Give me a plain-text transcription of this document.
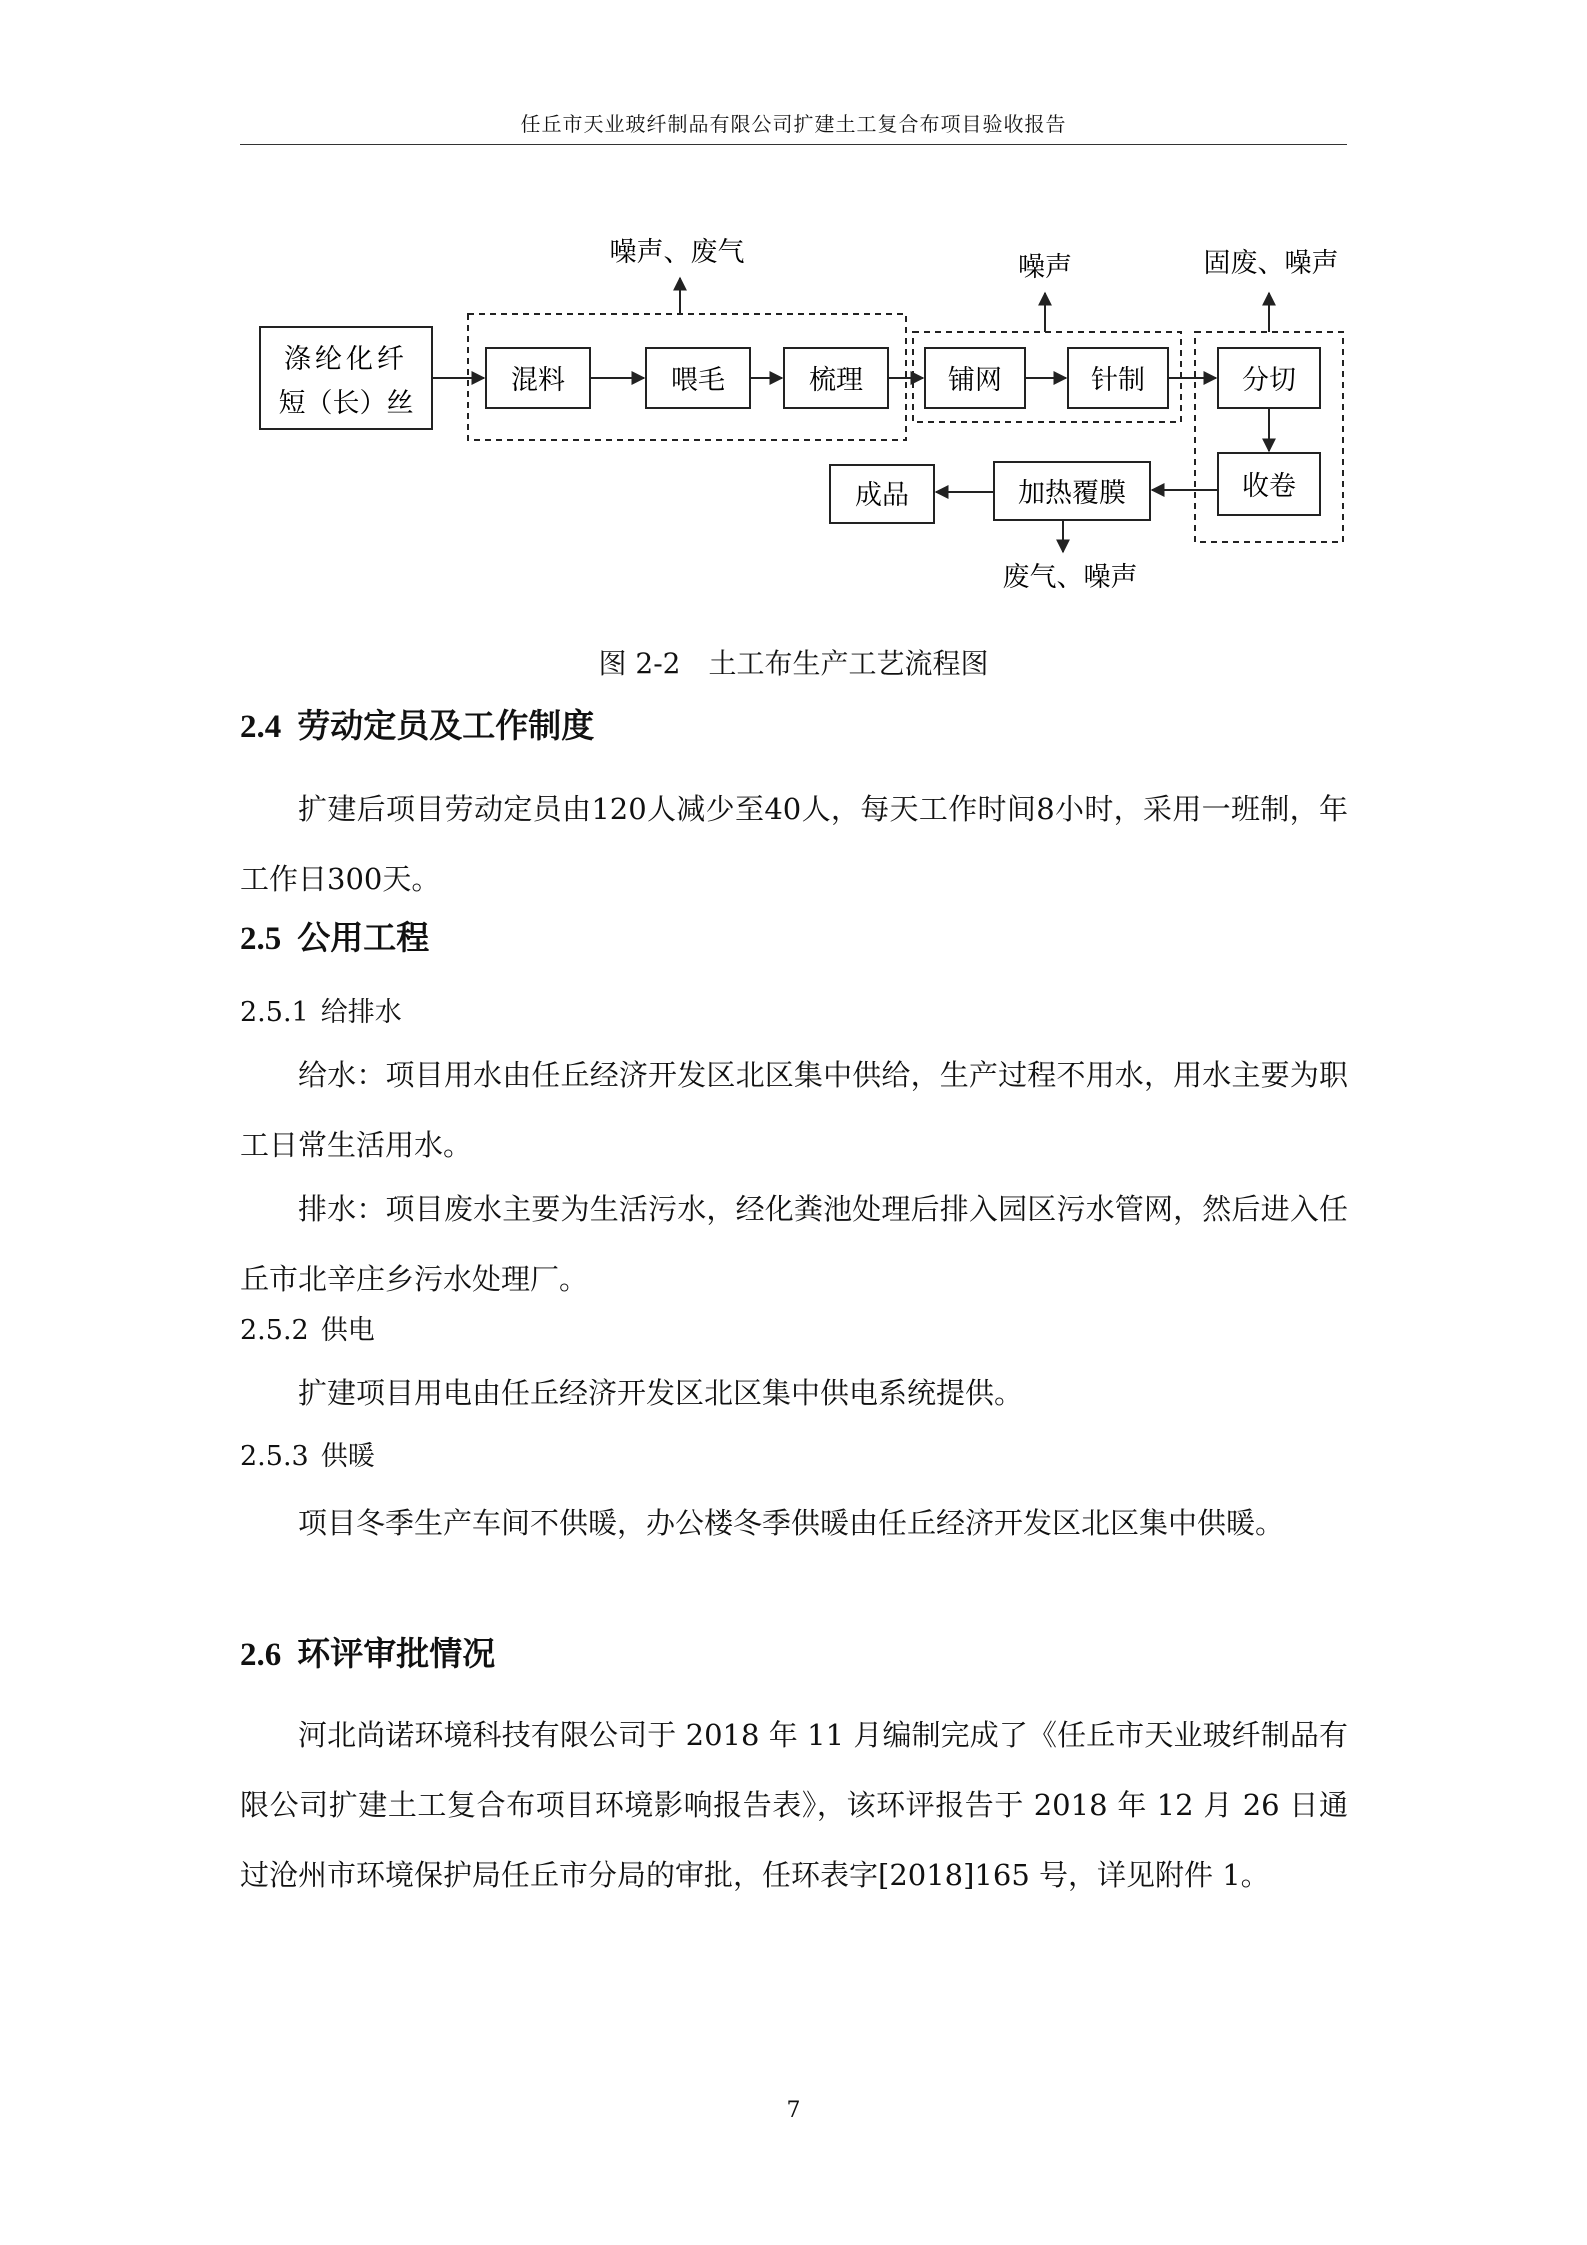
任丘市天业玻纤制品有限公司扩建土工复合布项目验收报告
涤纶化纤
短（长）丝
混料	喂毛	梳理	铺网	针制	分切
收卷
加热覆膜
成品
噪声、废气	噪声	固废、噪声
废气、噪声
图 2-2　土工布生产工艺流程图
2.4 劳动定员及工作制度

扩建后项目劳动定员由120人减少至40人，每天工作时间8小时，采用一班制，年工作日300天。

2.5 公用工程
2.5.1 给排水

给水：项目用水由任丘经济开发区北区集中供给，生产过程不用水，用水主要为职工日常生活用水。

排水：项目废水主要为生活污水，经化粪池处理后排入园区污水管网，然后进入任丘市北辛庄乡污水处理厂。

2.5.2 供电

扩建项目用电由任丘经济开发区北区集中供电系统提供。

2.5.3 供暖

项目冬季生产车间不供暖，办公楼冬季供暖由任丘经济开发区北区集中供暖。

2.6 环评审批情况

河北尚诺环境科技有限公司于 2018 年 11 月编制完成了《任丘市天业玻纤制品有限公司扩建土工复合布项目环境影响报告表》，该环评报告于 2018 年 12 月 26 日通过沧州市环境保护局任丘市分局的审批，任环表字[2018]165 号，详见附件 1。

7
